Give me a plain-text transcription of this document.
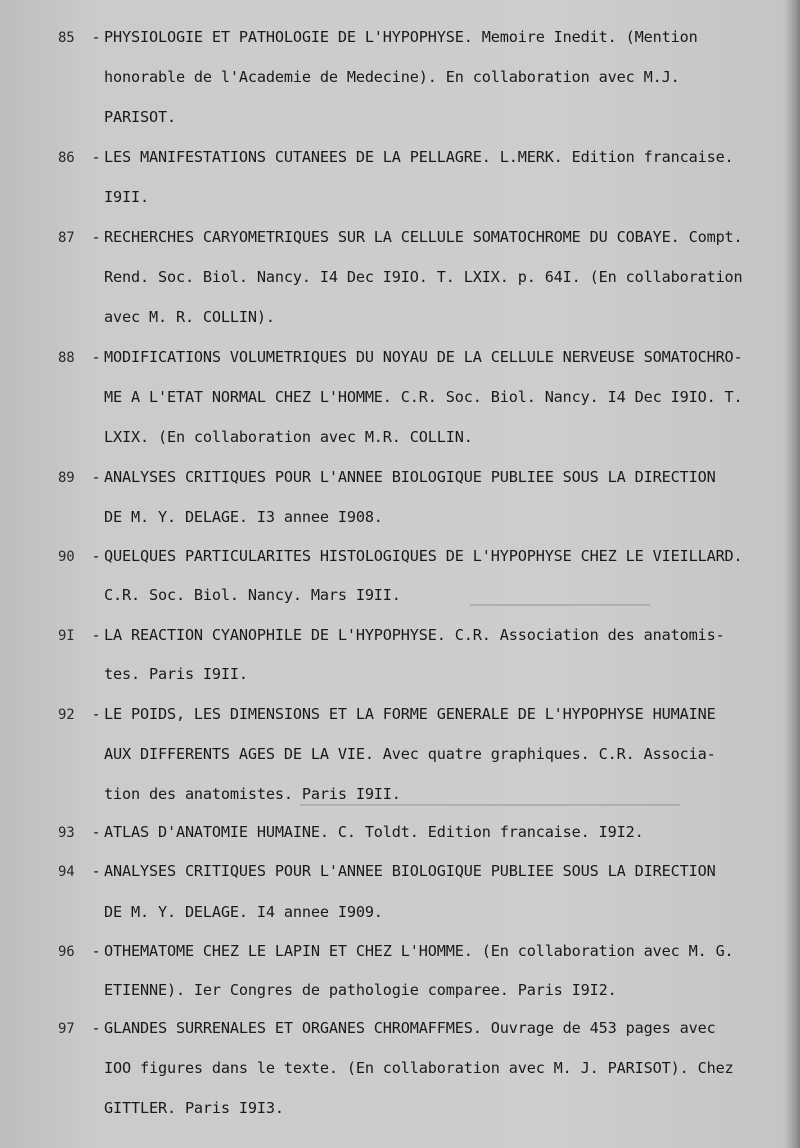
85 - PHYSIOLOGIE ET PATHOLOGIE DE L'HYPOPHYSE. Memoire Inedit. (Mention
honorable de l'Academie de Medecine). En collaboration avec M.J.
PARISOT.
86 - LES MANIFESTATIONS CUTANEES DE LA PELLAGRE. L.MERK. Edition francaise.
I9II.
87 - RECHERCHES CARYOMETRIQUES SUR LA CELLULE SOMATOCHROME DU COBAYE. Compt.
Rend. Soc. Biol. Nancy. I4 Dec I9IO. T. LXIX. p. 64I. (En collaboration
avec M. R. COLLIN).
88 - MODIFICATIONS VOLUMETRIQUES DU NOYAU DE LA CELLULE NERVEUSE SOMATOCHRO-
ME A L'ETAT NORMAL CHEZ L'HOMME. C.R. Soc. Biol. Nancy. I4 Dec I9IO. T.
LXIX. (En collaboration avec M.R. COLLIN.
89 - ANALYSES CRITIQUES POUR L'ANNEE BIOLOGIQUE PUBLIEE SOUS LA DIRECTION
DE M. Y. DELAGE. I3 annee I908.
90 - QUELQUES PARTICULARITES HISTOLOGIQUES DE L'HYPOPHYSE CHEZ LE VIEILLARD.
C.R. Soc. Biol. Nancy. Mars I9II.
9I - LA REACTION CYANOPHILE DE L'HYPOPHYSE. C.R. Association des anatomis-
tes. Paris I9II.
92 - LE POIDS, LES DIMENSIONS ET LA FORME GENERALE DE L'HYPOPHYSE HUMAINE
AUX DIFFERENTS AGES DE LA VIE. Avec quatre graphiques. C.R. Associa-
tion des anatomistes. Paris I9II.
93 - ATLAS D'ANATOMIE HUMAINE. C. Toldt. Edition francaise. I9I2.
94 - ANALYSES CRITIQUES POUR L'ANNEE BIOLOGIQUE PUBLIEE SOUS LA DIRECTION
DE M. Y. DELAGE. I4 annee I909.
96 - OTHEMATOME CHEZ LE LAPIN ET CHEZ L'HOMME. (En collaboration avec M. G.
ETIENNE). Ier Congres de pathologie comparee. Paris I9I2.
97 - GLANDES SURRENALES ET ORGANES CHROMAFFMES. Ouvrage de 453 pages avec
IOO figures dans le texte. (En collaboration avec M. J. PARISOT). Chez
GITTLER. Paris I9I3.
